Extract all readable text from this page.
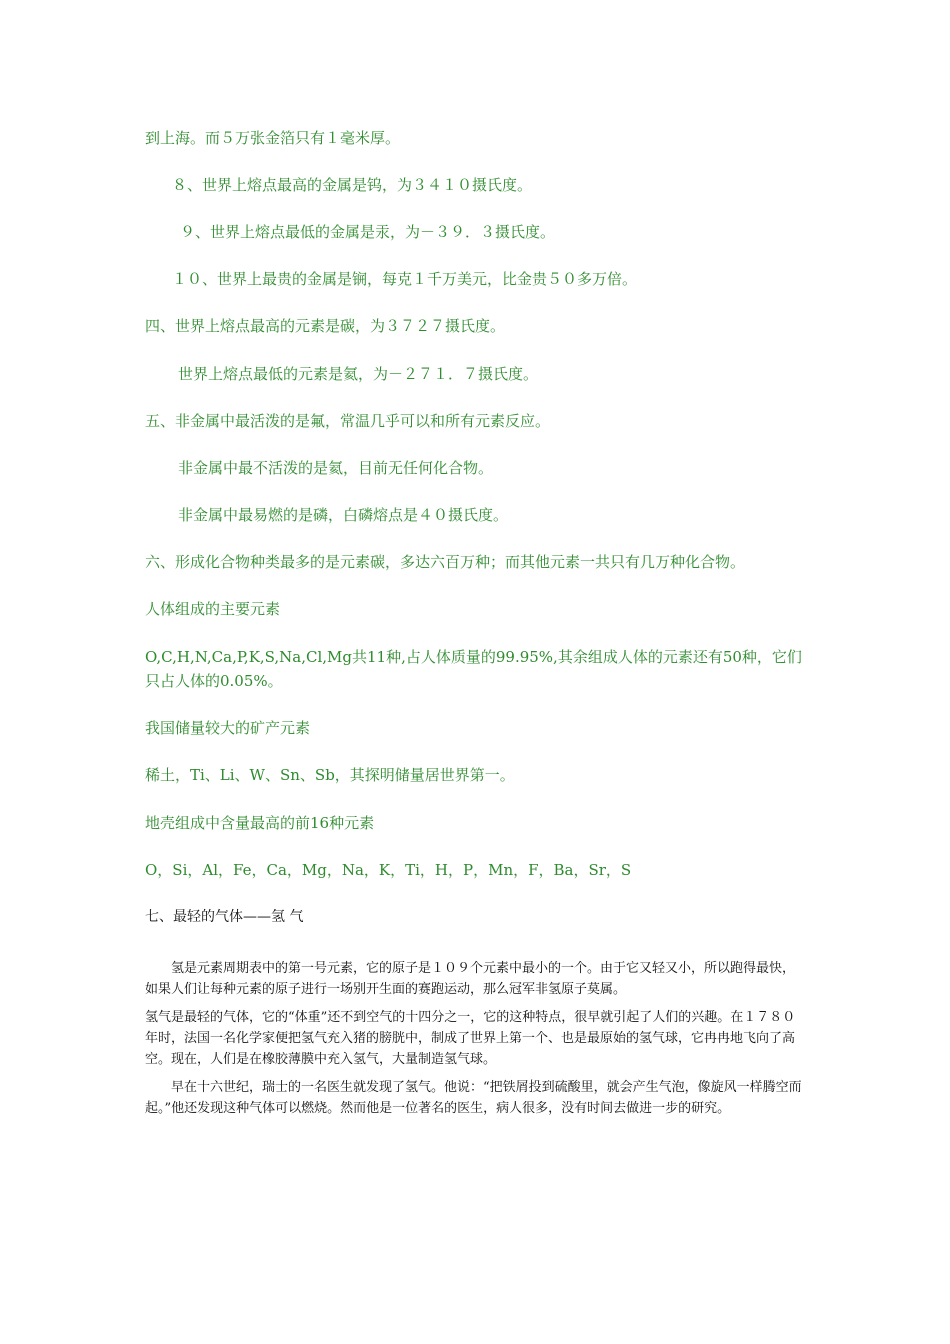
到上海。而５万张金箔只有１毫米厚。
８、世界上熔点最高的金属是钨，为３４１０摄氏度。
９、世界上熔点最低的金属是汞，为－３９．３摄氏度。
１０、世界上最贵的金属是锎，每克１千万美元，比金贵５０多万倍。
四、世界上熔点最高的元素是碳，为３７２７摄氏度。
世界上熔点最低的元素是氦，为－２７１．７摄氏度。
五、非金属中最活泼的是氟，常温几乎可以和所有元素反应。
非金属中最不活泼的是氦，目前无任何化合物。
非金属中最易燃的是磷，白磷熔点是４０摄氏度。
六、形成化合物种类最多的是元素碳，多达六百万种；而其他元素一共只有几万种化合物。
人体组成的主要元素
O,C,H,N,Ca,P,K,S,Na,Cl,Mg共11种,占人体质量的99.95%,其余组成人体的元素还有50种，它们只占人体的0.05%。
我国储量较大的矿产元素
稀土，Ti、Li、W、Sn、Sb，其探明储量居世界第一。
地壳组成中含量最高的前16种元素
O，Si，Al，Fe，Ca，Mg，Na，K，Ti，H，P，Mn，F，Ba，Sr，S
七、最轻的气体——氢 气
　　氢是元素周期表中的第一号元素，它的原子是１０９个元素中最小的一个。由于它又轻又小，所以跑得最快，如果人们让每种元素的原子进行一场别开生面的赛跑运动，那么冠军非氢原子莫属。
氢气是最轻的气体，它的“体重”还不到空气的十四分之一，它的这种特点，很早就引起了人们的兴趣。在１７８０年时，法国一名化学家便把氢气充入猪的膀胱中，制成了世界上第一个、也是最原始的氢气球，它冉冉地飞向了高空。现在，人们是在橡胶薄膜中充入氢气，大量制造氢气球。
　　早在十六世纪，瑞士的一名医生就发现了氢气。他说：“把铁屑投到硫酸里，就会产生气泡，像旋风一样腾空而起。”他还发现这种气体可以燃烧。然而他是一位著名的医生，病人很多，没有时间去做进一步的研究。
